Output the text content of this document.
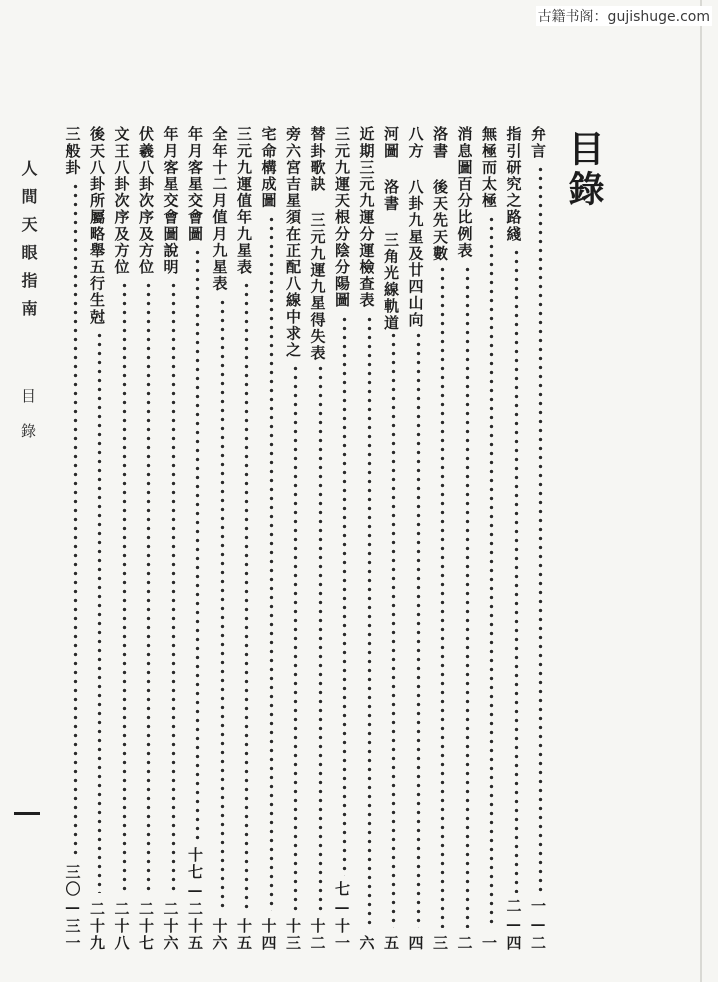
古籍书阁：gujishuge.com
目錄
人間天眼指南
目錄
弁言
一—二
指引研究之路綫
二—四
無極而太極
一
消息圖百分比例表
二
洛書 後天先天數
三
八方 八卦九星及廿四山向
四
河圖 洛書 三角光線軌道
五
近期三元九運分運檢查表
六
三元九運天根分陰分陽圖
七—十一
替卦歌訣 三元九運九星得失表
十二
旁六宮吉星須在正配八線中求之
十三
宅命構成圖
十四
三元九運值年九星表
十五
全年十二月值月九星表
十六
年月客星交會圖
十七—二十五
年月客星交會圖說明
二十六
伏羲八卦次序及方位
二十七
文王八卦次序及方位
二十八
後天八卦所屬略舉五行生尅
二十九
三般卦
三〇—三一
